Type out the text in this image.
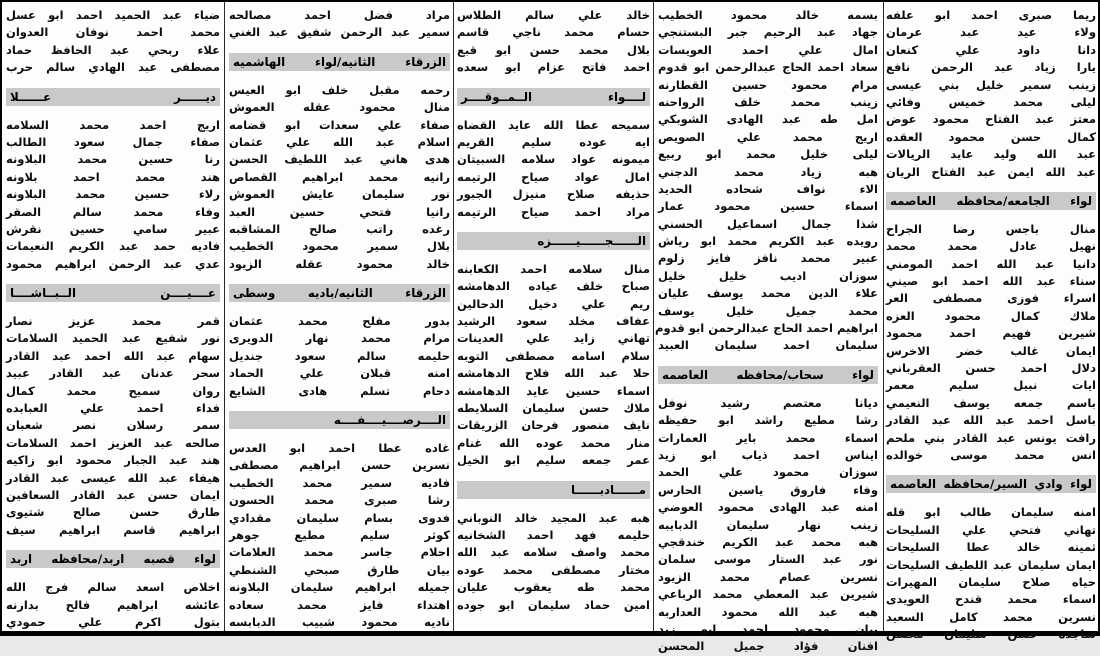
ريما صبرى احمد ابو علفه
ولاء عيد عبد عرمان
دانا داود علي كنعان
يارا زياد عبد الرحمن نافع
زينب سمير خليل بني عيسى
ليلى محمد خميس وفائي
معتز عبد الفتاح محمود عوض
كمال حسن محمود العقده
عبد الله وليد عايد الريالات
عبد الله ايمن عبد الفتاح الريان
لواء الجامعه/محافظه العاصمه
منال باجس رضا الجراح
نهيل عادل محمد محمد
دانيا عبد الله احمد المومني
سناء عبد الله احمد ابو صيني
اسراء فوزى مصطفى العر
ملاك كمال محمود العزه
شيرين فهيم احمد محمود
ايمان غالب خضر الاخرس
دلال احمد حسن العقرباني
ايات نبيل سليم معمر
باسم جمعه يوسف النعيمي
باسل احمد عبد الله عبد القادر
رافت يونس عبد القادر بني ملحم
انس محمد موسى خوالده
لواء وادي السير/محافظه العاصمه
امنه سليمان طالب ابو قله
تهاني فتحي علي السليحات
ثمينه خالد عطا السليحات
ايمان سليمان عبد اللطيف السليحات
حياه صلاح سليمان المهيرات
اسماء محمد قندح العويدى
نسرين محمد كامل السعيد
ساجده حسن سليمان محسن
بسمه خالد محمود الخطيب
جهاد عبد الرحيم جبر البستنجي
امال علي احمد العويسات
سعاد احمد الحاج عبدالرحمن ابو قدوم
مرام محمود حسين القطارنه
زينب محمد خلف الرواحنه
امل طه عبد الهادى الشوبكي
اريج محمد علي الصويص
ليلى خليل محمد ابو ربيع
هبه زياد محمد الدجني
الاء نواف شحاده الحديد
اسماء حسين محمود عمار
شذا جمال اسماعيل الحسني
رويده عبد الكريم محمد ابو رياش
عبير محمد نافز فايز زلوم
سوزان اديب خليل خليل
علاء الدين محمد يوسف عليان
محمد جميل خليل يوسف
ابراهيم احمد الحاج عبدالرحمن ابو قدوم
سليمان احمد سليمان العبيد
لواء سحاب/محافظه العاصمه
ديانا معتصم رشيد نوفل
رشا مطيع راشد ابو حفيظه
اسماء محمد باير العمارات
ايناس احمد ذياب ابو زيد
سوزان محمود علي الحمد
وفاء فاروق ياسين الحارس
امنه عبد الهادى محمود العوضي
زينب نهار سليمان الدبايبه
هبه محمد عبد الكريم خندقجي
نور عبد الستار موسى سلمان
نسرين عصام محمد الزيود
شيرين عبد المعطي محمد الرباعي
هبه عبد الله محمود العداربه
بيان محمود احمد ابو زيد
افنان فؤاد جميل المحسن
خالد علي سالم الطلاس
حسام محمد ناجي قاسم
بلال محمد حسن ابو قبع
احمد فاتح عزام ابو سعده
لــــواء الــمــوقــــر
سميحه عطا الله عايد القضاه
ايه عوده سليم القريم
ميمونه عواد سلامه السبيتان
امال عواد صياح الرتيمه
حذيفه صلاح منيزل الجبور
مراد احمد صياح الرتيمه
الــــــجــــــيــــــزه
منال سلامه احمد الكعابنه
صباح خلف عياده الدهامشه
ريم علي دخيل الدحالين
عفاف مخلد سعود الرشيد
تهاني زايد علي العدينات
سلام اسامه مصطفى التوبه
حلا عبد الله فلاح الدهامشه
اسماء حسين عايد الدهامشه
ملاك حسن سليمان السلايطه
نايف منصور فرحان الزريقات
منار محمد عوده الله غنام
عمر جمعه سليم ابو الخيل
مــــــادبــــــا
هبه عبد المجيد خالد النوباني
حليمه فهد احمد الشخانيه
محمد واصف سلامه عبد الله
مختار مصطفى محمد عوده
محمد طه يعقوب عليان
امين حماد سليمان ابو جوده
مراد فضل احمد مصالحه
سمير عبد الرحمن شفيق عبد الغني
الزرقاء الثانيه/لواء الهاشميه
رحمه مقبل خلف ابو العيس
منال محمود عقله العموش
صفاء علي سعدات ابو قضامه
اسلام عبد الله علي عثمان
هدى هاني عبد اللطيف الحسن
رانيه محمد ابراهيم القصاص
نور سليمان عايش العموش
رانيا فتحي حسين العبد
رغده راتب صالح المشاقبه
بلال سمير محمود الخطيب
خالد محمود عقله الزيود
الزرقاء الثانيه/باديه وسطى
بدور مفلح محمد عثمان
مرام محمد نهار الدويرى
حليمه سالم سعود جنديل
امنه قبلان علي الحماد
دحام تسلم هادى الشايع
الــــرصــــيــــفــــه
غاده عطا احمد ابو العدس
نسرين حسن ابراهيم مصطفى
فاديه سمير محمد الخطيب
رشا صبرى محمد الحسون
فدوى بسام سليمان مقدادي
كوثر سليم مطيع جوهر
احلام جاسر محمد العلامات
بيان طارق صبحي الشنطي
جميله ابراهيم سليمان البلاونه
اهتداء فايز محمد سعاده
ناديه محمود شبيب الدبابسه
ضياء عبد الحميد احمد ابو عسل
محمد احمد نوفان العدوان
علاء ربحي عبد الحافظ حماد
مصطفى عبد الهادي سالم حرب
ديــــــر عــــــلا
اريج احمد محمد السلامه
صفاء جمال سعود الطالب
رنا حسين محمد البلاونه
هند محمد احمد بلاونه
رلاء حسين محمد البلاونه
وفاء محمد سالم الصقر
عبير سامي حسين نقرش
فاديه حمد عبد الكريم النعيمات
عدي عبد الرحمن ابراهيم محمود
عــــيــــن الــبــاشــــا
قمر محمد عزيز نصار
نور شفيع عبد الحميد السلامات
سهام عبد الله احمد عبد القادر
سحر عدنان عبد القادر عبيد
روان سميح محمد كمال
فداء احمد علي العبابده
سمر رسلان نصر شعبان
صالحه عبد العزيز احمد السلامات
هند عبد الجبار محمود ابو زاكيه
هيفاء عبد الله عيسى عبد القادر
ايمان حسن عبد القادر السعافين
طارق حسن صالح شتيوى
ابراهيم قاسم ابراهيم سيف
لواء قصبه اربد/محافظه اربد
اخلاص اسعد سالم فرج الله
عائشه ابراهيم فالح بدارنه
بتول اكرم علي حمودي
